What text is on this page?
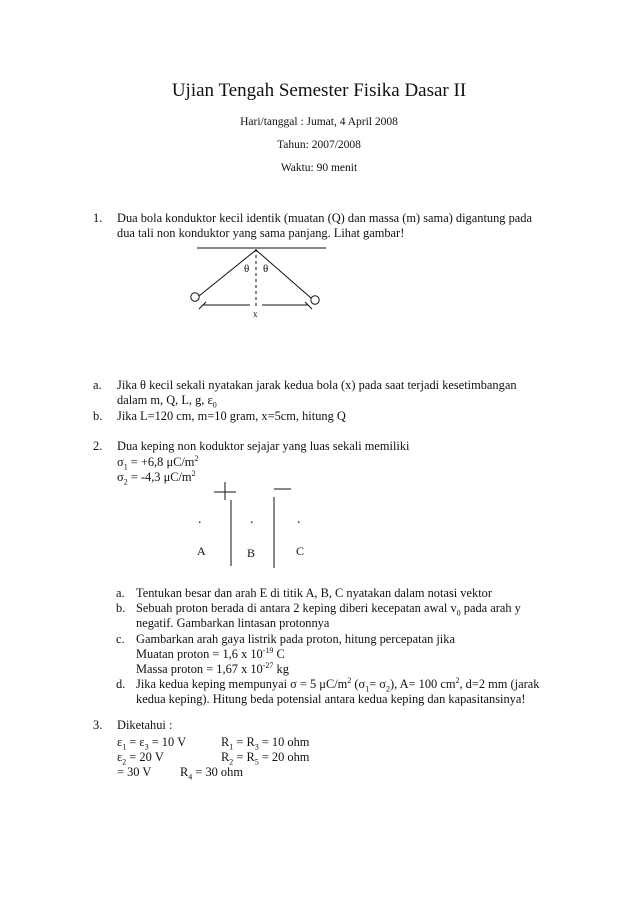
Ujian Tengah Semester Fisika Dasar II
Hari/tanggal : Jumat, 4 April 2008
Tahun: 2007/2008
Waktu: 90 menit
1. Dua bola konduktor kecil identik (muatan (Q) dan massa (m) sama) digantung pada
dua tali non konduktor yang sama panjang. Lihat gambar!
θ θ
x
a. Jika θ kecil sekali nyatakan jarak kedua bola (x) pada saat terjadi kesetimbangan
dalam m, Q, L, g, $\varepsilon_0$
b. Jika L=120 cm, m=10 gram, x=5cm, hitung Q
2. Dua keping non koduktor sejajar yang luas sekali memiliki
$\sigma_1 = +6,8$ $\mu C/m^2$
$\sigma_2 = -4,3$ $\mu C/m^2$
.	.	.
A	B	C
a. Tentukan besar dan arah E di titik A, B, C nyatakan dalam notasi vektor
b. Sebuah proton berada di antara 2 keping diberi kecepatan awal $v_0$ pada arah y
negatif. Gambarkan lintasan protonnya
c. Gambarkan arah gaya listrik pada proton, hitung percepatan jika
Muatan proton = 1,6 x $10^{-19}$ C
Massa proton = 1,67 x $10^{-27}$ kg
d. Jika kedua keping mempunyai σ = 5 $\mu C/m^2$ $(\sigma_1= \sigma_2)$, A= 100 $cm^2$, d=2 mm (jarak
kedua keping). Hitung beda potensial antara kedua keping dan kapasitansinya!
3. Diketahui :
$\varepsilon_1 = \varepsilon_3 = 10$ V	$R_1 = R_3 = 10$ ohm
$\varepsilon_2 = 20$ V	$R_2 = R_5 = 20$ ohm
= 30 V $R_4 = 30$ ohm
